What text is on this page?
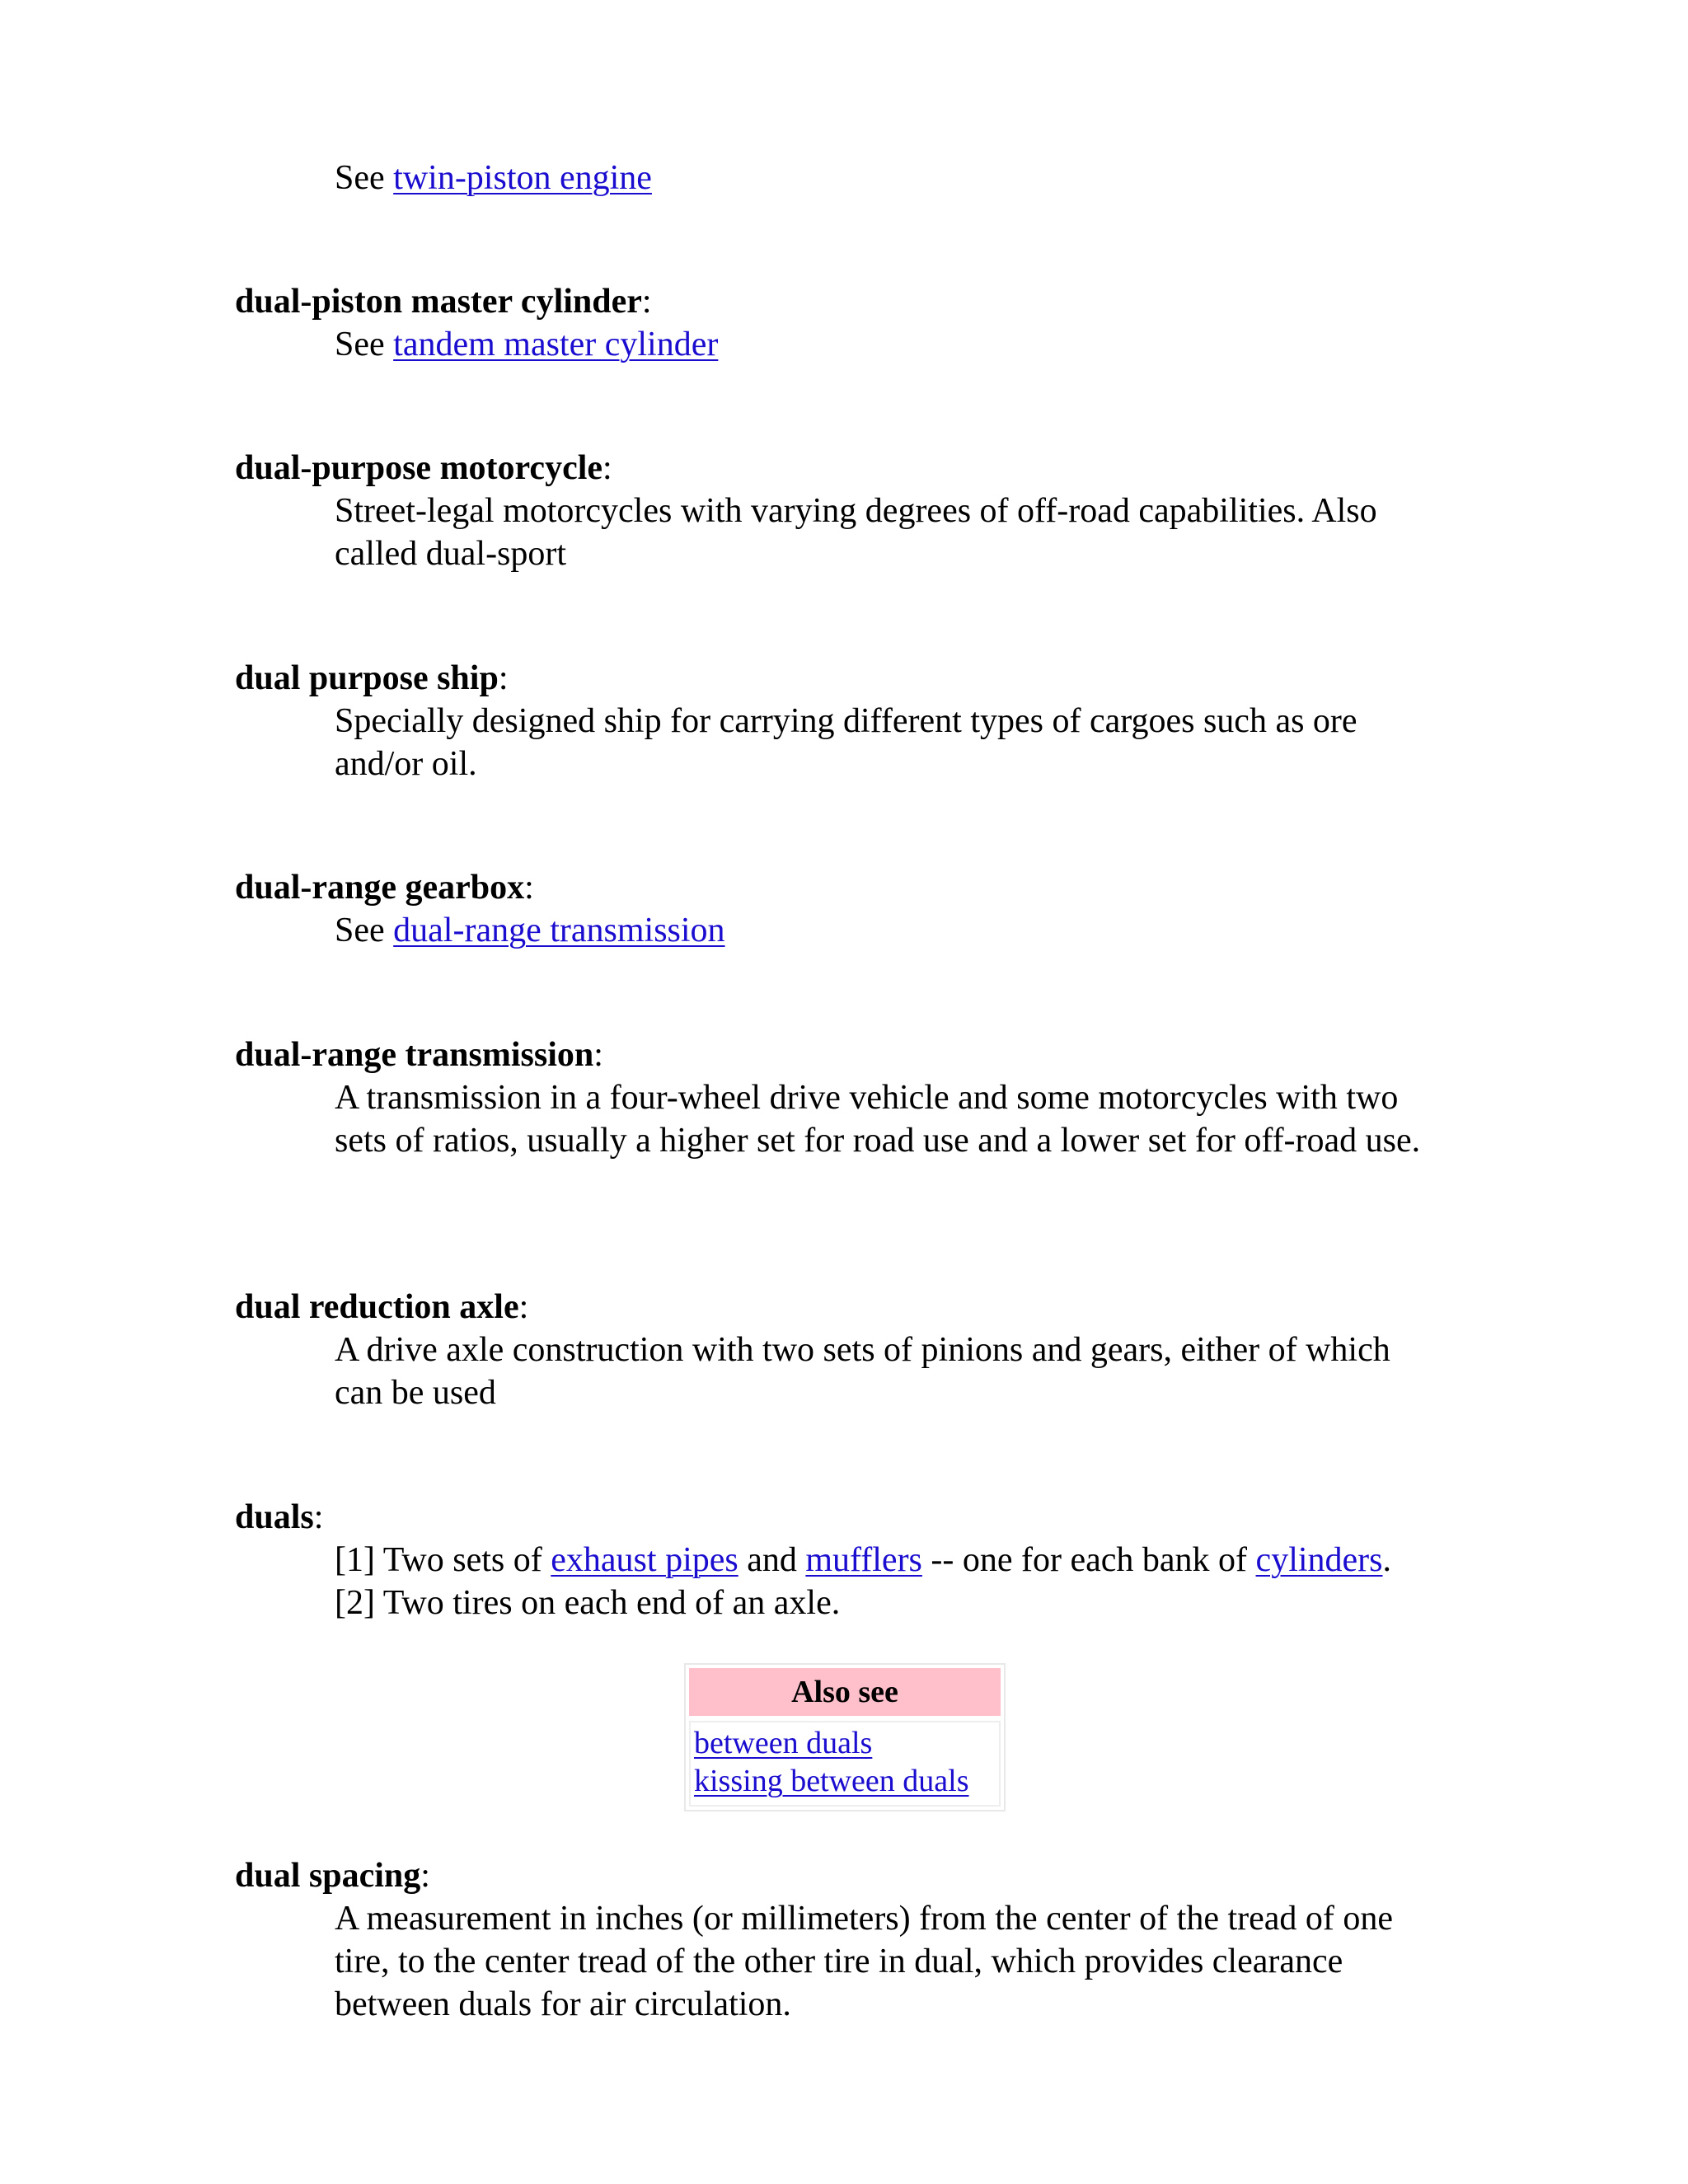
See twin-piston engine

dual-piston master cylinder:

See tandem master cylinder

dual-purpose motorcycle:

Street-legal motorcycles with varying degrees of off-road capabilities. Also called dual-sport

dual purpose ship:

Specially designed ship for carrying different types of cargoes such as ore and/or oil.

dual-range gearbox:

See dual-range transmission

dual-range transmission:

A transmission in a four-wheel drive vehicle and some motorcycles with two sets of ratios, usually a higher set for road use and a lower set for off-road use.

dual reduction axle:

A drive axle construction with two sets of pinions and gears, either of which can be used

duals:

[1] Two sets of exhaust pipes and mufflers -- one for each bank of cylinders.

[2] Two tires on each end of an axle.

Also see
between duals
kissing between duals

dual spacing:

A measurement in inches (or millimeters) from the center of the tread of one tire, to the center tread of the other tire in dual, which provides clearance between duals for air circulation.
